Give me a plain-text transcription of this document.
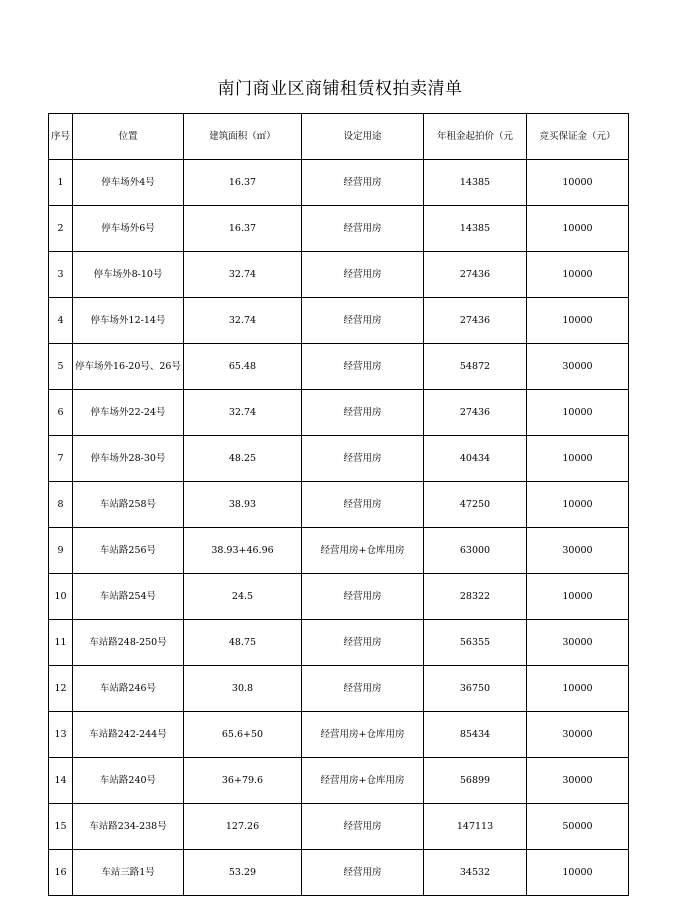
南门商业区商铺租赁权拍卖清单
序号	位置	建筑面积（㎡）	设定用途	年租金起拍价（元	竞买保证金（元）
1	停车场外4号	16.37	经营用房	14385	10000
2	停车场外6号	16.37	经营用房	14385	10000
3	停车场外8-10号	32.74	经营用房	27436	10000
4	停车场外12-14号	32.74	经营用房	27436	10000
5	停车场外16-20号、26号	65.48	经营用房	54872	30000
6	停车场外22-24号	32.74	经营用房	27436	10000
7	停车场外28-30号	48.25	经营用房	40434	10000
8	车站路258号	38.93	经营用房	47250	10000
9	车站路256号	38.93+46.96	经营用房+仓库用房	63000	30000
10	车站路254号	24.5	经营用房	28322	10000
11	车站路248-250号	48.75	经营用房	56355	30000
12	车站路246号	30.8	经营用房	36750	10000
13	车站路242-244号	65.6+50	经营用房+仓库用房	85434	30000
14	车站路240号	36+79.6	经营用房+仓库用房	56899	30000
15	车站路234-238号	127.26	经营用房	147113	50000
16	车站三路1号	53.29	经营用房	34532	10000
